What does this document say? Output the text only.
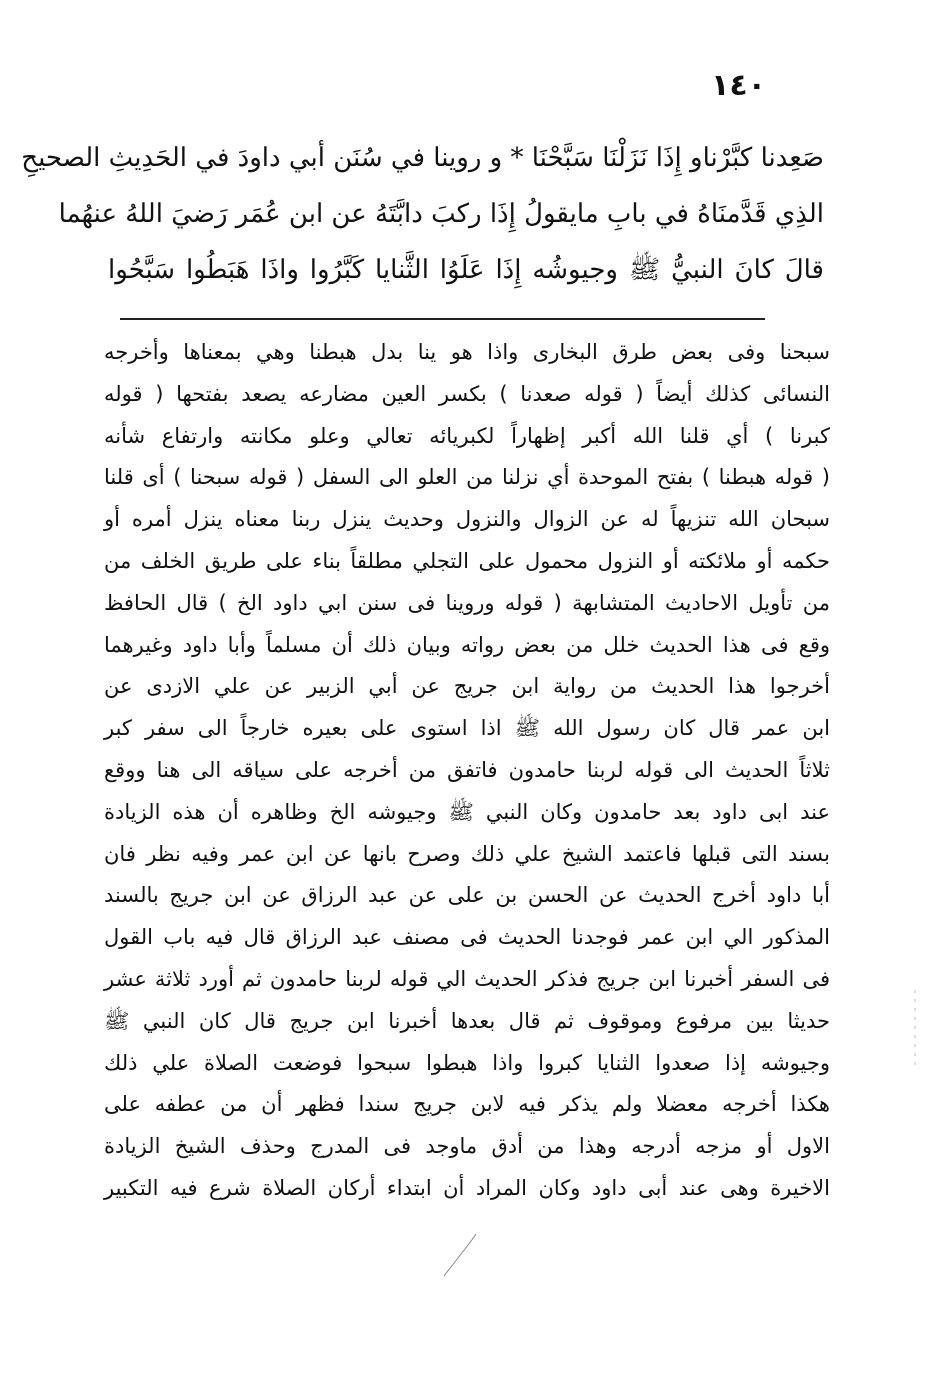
١٤٠
صَعِدنا كبَّرْناو إِذَا نَزَلْنَا سَبَّحْنَا * و روينا في سُنَن أبي داودَ في الحَدِيثِ الصحيحِ
الذِي قَدَّمنَاهُ في بابِ مايقولُ إِذَا ركبَ دابَّتَهُ عن ابن عُمَر رَضيَ اللهُ عنهُما
قالَ كانَ النبيُّ ﷺ وجيوشُه إِذَا عَلَوُا الثَّنايا كَبَّرُوا واذَا هَبَطُوا سَبَّحُوا
سبحنا وفى بعض طرق البخارى واذا هو ينا بدل هبطنا وهي بمعناها وأخرجه
النسائى كذلك أيضاً ( قوله صعدنا ) بكسر العين مضارعه يصعد بفتحها ( قوله
كبرنا ) أي قلنا الله أكبر إظهاراً لكبريائه تعالي وعلو مكانته وارتفاع شأنه
( قوله هبطنا ) بفتح الموحدة أي نزلنا من العلو الى السفل ( قوله سبحنا ) أى قلنا
سبحان الله تنزيهاً له عن الزوال والنزول وحديث ينزل ربنا معناه ينزل أمره أو
حكمه أو ملائكته أو النزول محمول على التجلي مطلقاً بناء على طريق الخلف من
من تأويل الاحاديث المتشابهة ( قوله وروينا فى سنن ابي داود الخ ) قال الحافظ
وقع فى هذا الحديث خلل من بعض رواته وبيان ذلك أن مسلماً وأبا داود وغيرهما
أخرجوا هذا الحديث من رواية ابن جريج عن أبي الزبير عن علي الازدى عن
ابن عمر قال كان رسول الله ﷺ اذا استوى على بعيره خارجاً الى سفر كبر
ثلاثاً الحديث الى قوله لربنا حامدون فاتفق من أخرجه على سياقه الى هنا ووقع
عند ابى داود بعد حامدون وكان النبي ﷺ وجيوشه الخ وظاهره أن هذه الزيادة
بسند التى قبلها فاعتمد الشيخ علي ذلك وصرح بانها عن ابن عمر وفيه نظر فان
أبا داود أخرج الحديث عن الحسن بن على عن عبد الرزاق عن ابن جريج بالسند
المذكور الي ابن عمر فوجدنا الحديث فى مصنف عبد الرزاق قال فيه باب القول
فى السفر أخبرنا ابن جريج فذكر الحديث الي قوله لربنا حامدون ثم أورد ثلاثة عشر
حديثا بين مرفوع وموقوف ثم قال بعدها أخبرنا ابن جريج قال كان النبي ﷺ
وجيوشه إذا صعدوا الثنايا كبروا واذا هبطوا سبحوا فوضعت الصلاة علي ذلك
هكذا أخرجه معضلا ولم يذكر فيه لابن جريج سندا فظهر أن من عطفه على
الاول أو مزجه أدرجه وهذا من أدق ماوجد فى المدرج وحذف الشيخ الزيادة
الاخيرة وهى عند أبى داود وكان المراد أن ابتداء أركان الصلاة شرع فيه التكبير
